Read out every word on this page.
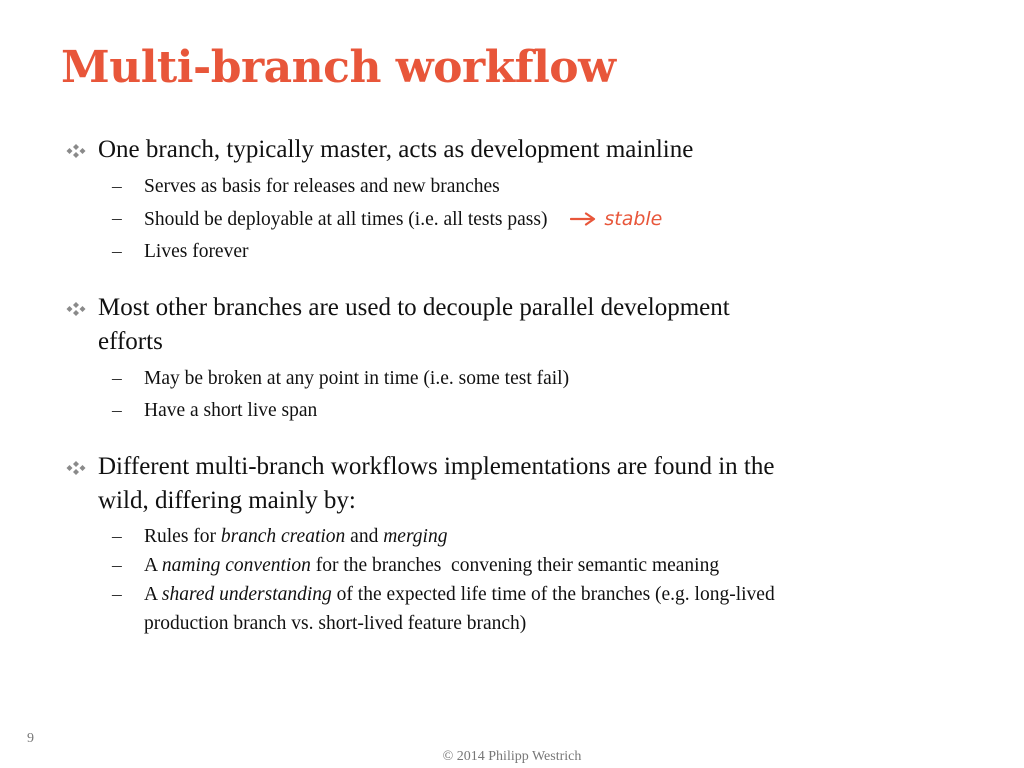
Multi-branch workflow
One branch, typically master, acts as development mainline
– Serves as basis for releases and new branches
– Should be deployable at all times (i.e. all tests pass)	stable
– Lives forever
Most other branches are used to decouple parallel development
efforts
– May be broken at any point in time (i.e. some test fail)
– Have a short live span
Different multi-branch workflows implementations are found in the
wild, differing mainly by:
– Rules for branch creation and merging
– A naming convention for the branches  convening their semantic meaning
– A shared understanding of the expected life time of the branches (e.g. long-lived
production branch vs. short-lived feature branch)
9
© 2014 Philipp Westrich
